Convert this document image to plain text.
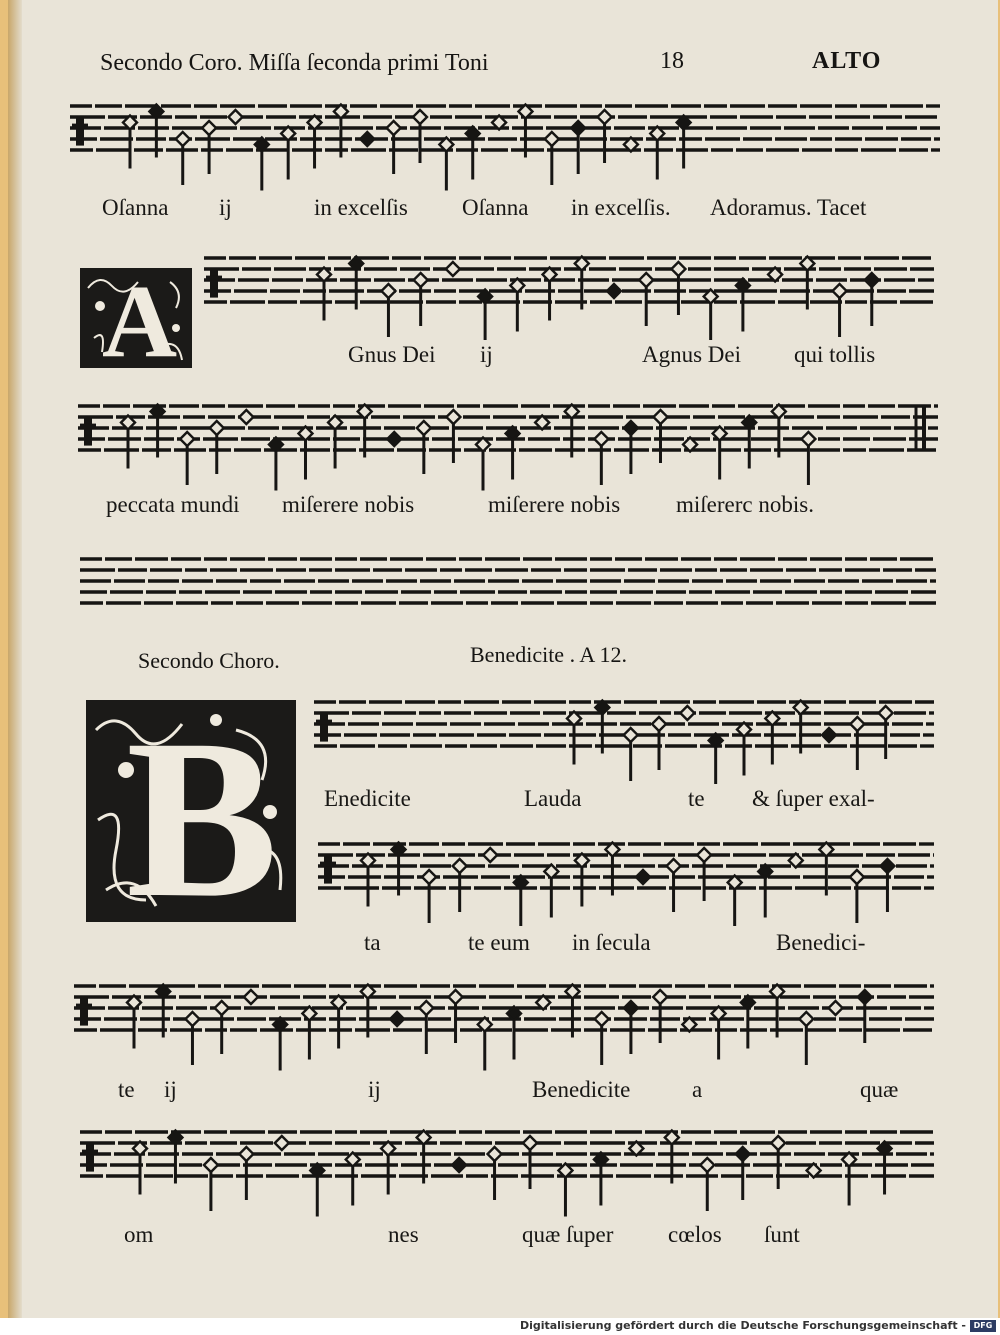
Secondo Coro. Miſſa ſeconda primi Toni	18	ALTO
Oſanna ij	in excelſis Oſanna in excelſis. Adoramus. Tacet
A	Gnus Dei ij	Agnus Dei qui tollis
peccata mundi miſerere nobis	miſerere nobis miſererc nobis.
Secondo Choro.	Benedicite . A 12.
B Enedicite	Lauda	te & ſuper exal-
ta	te eum in ſecula	Benedici-
te ij	ij	Benedicite	a	quæ
om	nes	quæ ſuper cœlos ſunt
Digitalisierung gefördert durch die Deutsche Forschungsgemeinschaft - DFG
